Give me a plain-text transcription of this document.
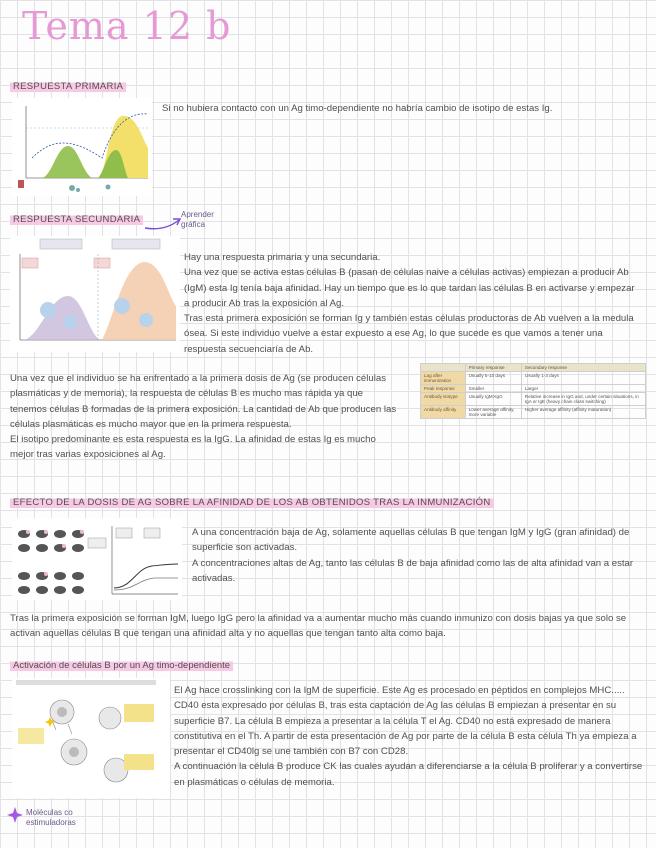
Tema 12 b
RESPUESTA PRIMARIA
Si no hubiera contacto con un Ag timo-dependiente no habría cambio de isotipo de estas Ig.
RESPUESTA SECUNDARIA	Aprender gráfica
Hay una respuesta primaria y una secundaria.
Una vez que se activa estas células B (pasan de células naive a células activas) empiezan a producir Ab (IgM) esta Ig tenía baja afinidad. Hay un tiempo que es lo que tardan las células B en activarse y empezar a producir Ab tras la exposición al Ag.
Tras esta primera exposición se forman Ig y también estas células productoras de Ab vuelven a la medula ósea. Si este individuo vuelve a estar expuesto a ese Ag, lo que sucede es que vamos a tener una respuesta secuenciaría de Ab.
Una vez que el individuo se ha enfrentado a la primera dosis de Ag (se producen células plasmáticas y de memoria), la respuesta de células B es mucho mas rápida ya que tenemos células B formadas de la primera exposición. La cantidad de Ab que producen las células plasmáticas es mucho mayor que en la primera respuesta.
El isotipo predominante es esta respuesta es la IgG. La afinidad de estas Ig es mucho mejor tras varias exposiciones al Ag.
	Primary response	Secondary response
Lag after immunization	Usually 5-10 days	Usually 1-3 days
Peak response	Smaller	Larger
Antibody isotype	Usually IgM>IgG	Relative increase in IgG and, under certain situations, in IgA or IgE (heavy chain class switching)
Antibody affinity	Lower average affinity, more variable	Higher average affinity (affinity maturation)
EFECTO DE LA DOSIS DE AG SOBRE LA AFINIDAD DE LOS AB OBTENIDOS TRAS LA INMUNIZACIÓN
A una concentración baja de Ag, solamente aquellas células B que tengan IgM y IgG (gran afinidad) de superficie son activadas.
A concentraciones altas de Ag, tanto las células B de baja afinidad como las de alta afinidad van a estar activadas.
Tras la primera exposición se forman IgM, luego IgG pero la afinidad va a aumentar mucho más cuando inmunizo con dosis bajas ya que solo se activan aquellas células B que tengan una afinidad alta y no aquellas que tengan tanto alta como baja.
Activación de células B por un Ag timo-dependiente
Moléculas co estimuladoras
El Ag hace crosslinking con la IgM de superficie. Este Ag es procesado en péptidos en complejos MHC.....
CD40 esta expresado por células B, tras esta captación de Ag las células B empiezan a presentar en su superficie B7. La célula B empieza a presentar a la célula T el Ag. CD40 no está expresado de manera constitutiva en el Th. A partir de esta presentación de Ag por parte de la célula B esta célula Th ya empieza a presentar el CD40lg se une también con B7 con CD28.
A continuación la célula B produce CK las cuales ayudan a diferenciarse a la célula B proliferar y a convertirse en plasmáticas o células de memoria.
